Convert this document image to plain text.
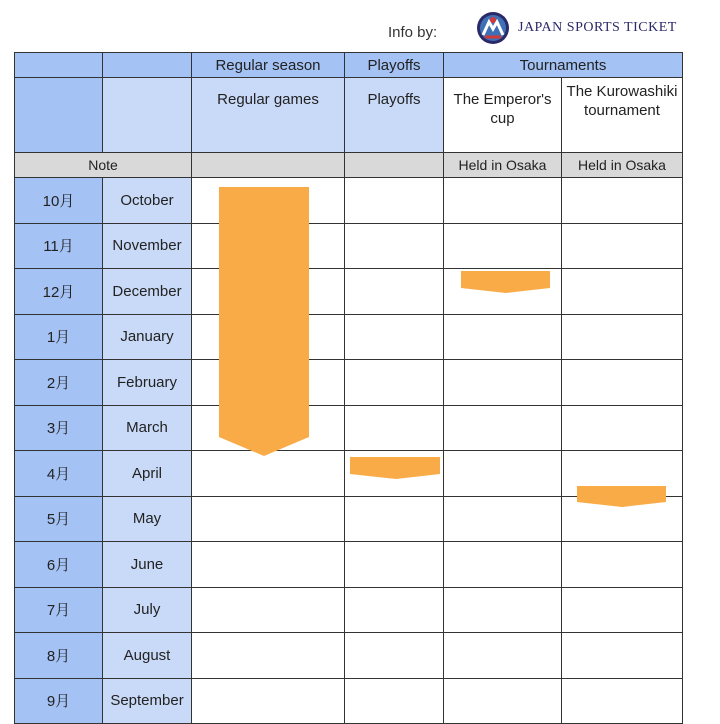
Info by:	JAPAN SPORTS TICKET
		Regular season	Playoffs	Tournaments	

		Regular games	Playoffs	The Emperor's cup	The Kurowashiki tournament

Note				Held in Osaka	Held in Osaka
10月	October				
11月	November				
12月	December				
1月	January				
2月	February				
3月	March				
4月	April				
5月	May				
6月	June				
7月	July				
8月	August				
9月	September				
